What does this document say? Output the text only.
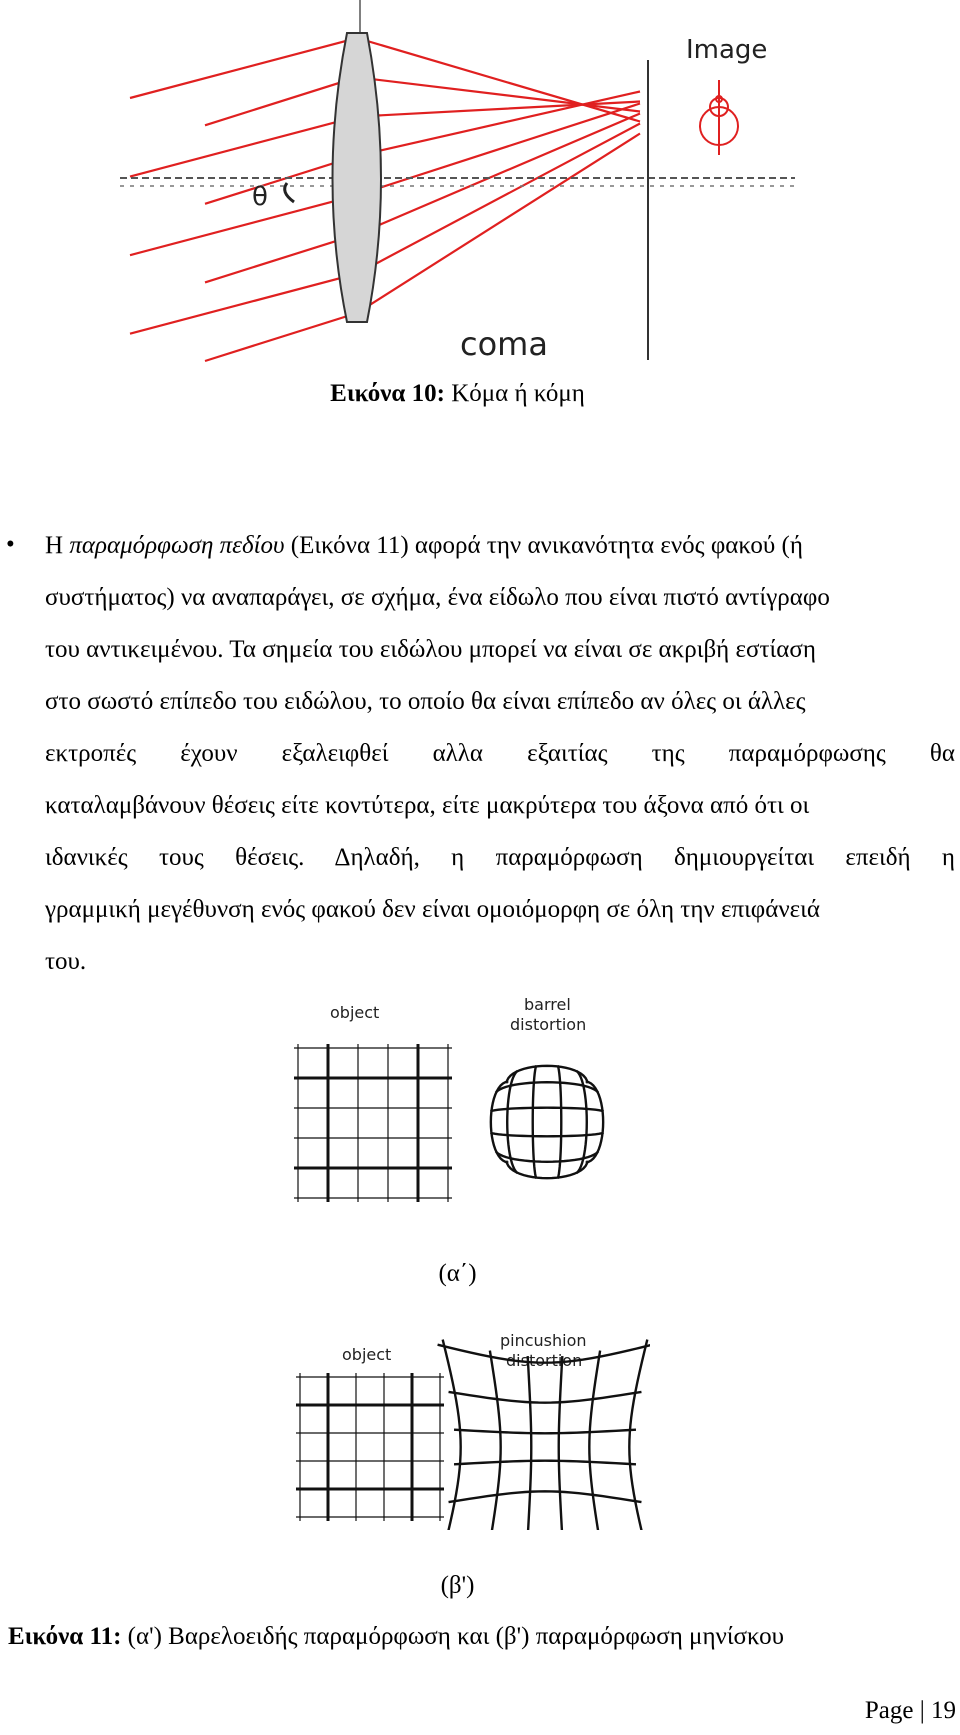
Image
θ
coma
Εικόνα 10: Κόμα ή κόμη
• Η παραμόρφωση πεδίου (Εικόνα 11) αφορά την ανικανότητα ενός φακού (ή
συστήματος) να αναπαράγει, σε σχήμα, ένα είδωλο που είναι πιστό αντίγραφο
του αντικειμένου. Τα σημεία του ειδώλου μπορεί να είναι σε ακριβή εστίαση
στο σωστό επίπεδο του ειδώλου, το οποίο θα είναι επίπεδο αν όλες οι άλλες
εκτροπές έχουν εξαλειφθεί αλλα εξαιτίας της παραμόρφωσης θα
καταλαμβάνουν θέσεις είτε κοντύτερα, είτε μακρύτερα του άξονα από ότι οι
ιδανικές τους θέσεις. Δηλαδή, η παραμόρφωση δημιουργείται επειδή η
γραμμική μεγέθυνση ενός φακού δεν είναι ομοιόμορφη σε όλη την επιφάνειά
του.
object	barrel
distortion
(α΄)
object
pincushion
distortion
(β')
Εικόνα 11: (α') Βαρελοειδής παραμόρφωση και (β') παραμόρφωση μηνίσκου
Page | 19
